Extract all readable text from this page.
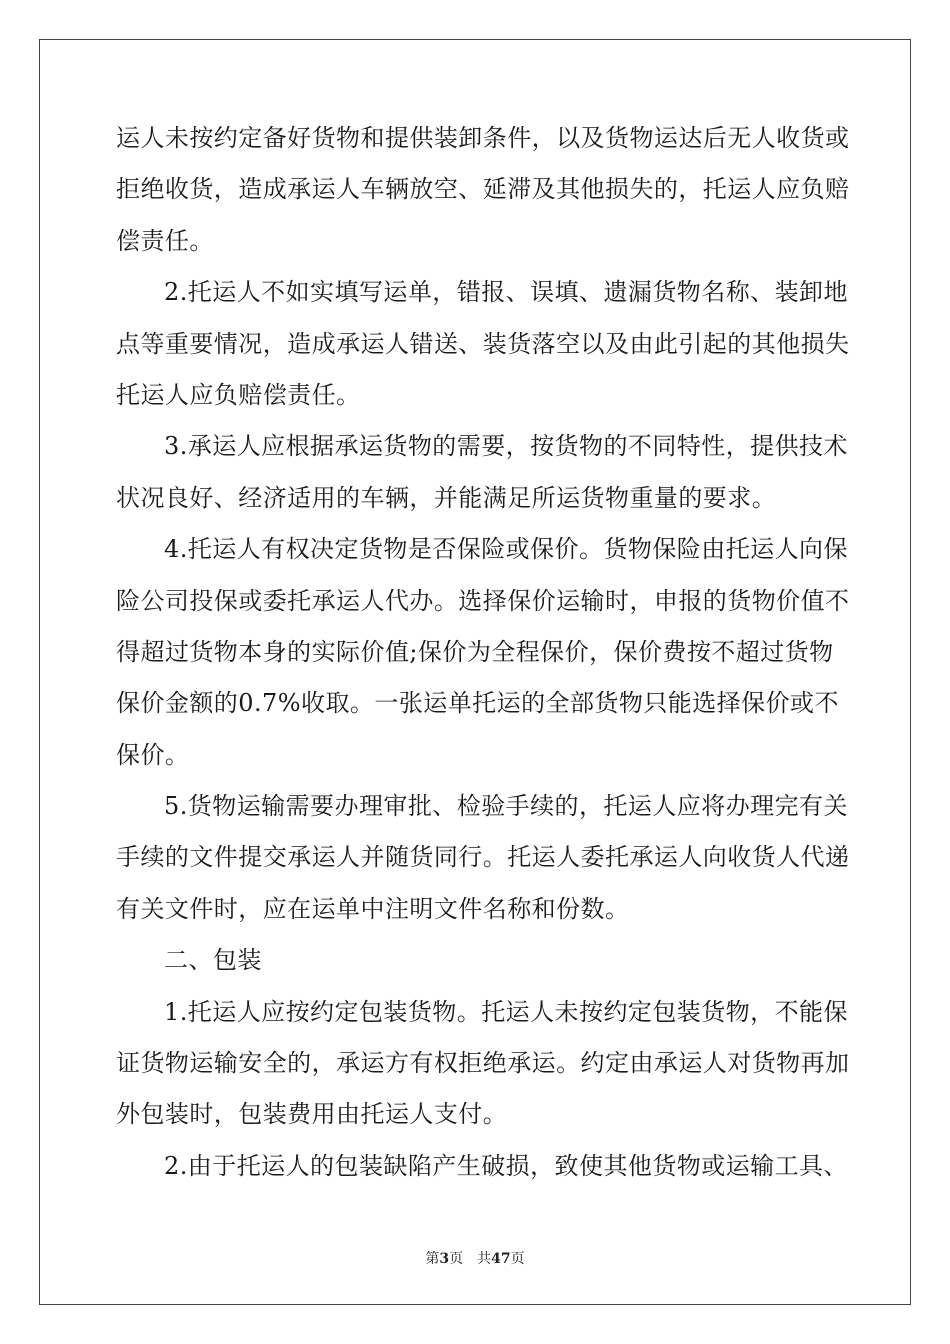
运人未按约定备好货物和提供装卸条件，以及货物运达后无人收货或
拒绝收货，造成承运人车辆放空、延滞及其他损失的，托运人应负赔
偿责任。
2.托运人不如实填写运单，错报、误填、遗漏货物名称、装卸地
点等重要情况，造成承运人错送、装货落空以及由此引起的其他损失
托运人应负赔偿责任。
3.承运人应根据承运货物的需要，按货物的不同特性，提供技术
状况良好、经济适用的车辆，并能满足所运货物重量的要求。
4.托运人有权决定货物是否保险或保价。货物保险由托运人向保
险公司投保或委托承运人代办。选择保价运输时，申报的货物价值不
得超过货物本身的实际价值;保价为全程保价，保价费按不超过货物
保价金额的0.7%收取。一张运单托运的全部货物只能选择保价或不
保价。
5.货物运输需要办理审批、检验手续的，托运人应将办理完有关
手续的文件提交承运人并随货同行。托运人委托承运人向收货人代递
有关文件时，应在运单中注明文件名称和份数。
二、包装
1.托运人应按约定包装货物。托运人未按约定包装货物，不能保
证货物运输安全的，承运方有权拒绝承运。约定由承运人对货物再加
外包装时，包装费用由托运人支付。
2.由于托运人的包装缺陷产生破损，致使其他货物或运输工具、
第3页 共47页
